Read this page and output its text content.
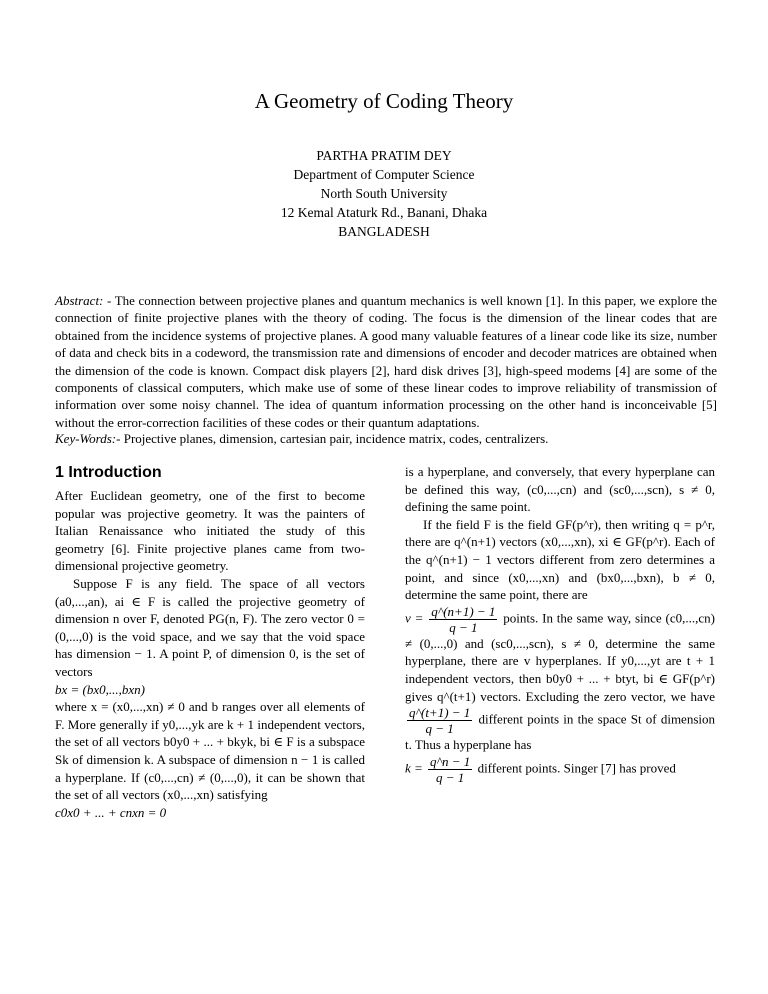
A Geometry of Coding Theory
PARTHA PRATIM DEY
Department of Computer Science
North South University
12 Kemal Ataturk Rd., Banani, Dhaka
BANGLADESH
Abstract: - The connection between projective planes and quantum mechanics is well known [1]. In this paper, we explore the connection of finite projective planes with the theory of coding. The focus is the dimension of the linear codes that are obtained from the incidence systems of projective planes. A good many valuable features of a linear code like its size, number of data and check bits in a codeword, the transmission rate and dimensions of encoder and decoder matrices are obtained when the dimension of the code is known. Compact disk players [2], hard disk drives [3], high-speed modems [4] are some of the components of classical computers, which make use of some of these linear codes to improve reliability of transmission of information over some noisy channel. The idea of quantum information processing on the other hand is inconceivable [5] without the error-correction facilities of these codes or their quantum adaptations.
Key-Words:- Projective planes, dimension, cartesian pair, incidence matrix, codes, centralizers.
1 Introduction

After Euclidean geometry, one of the first to become popular was projective geometry. It was the painters of Italian Renaissance who initiated the study of this geometry [6]. Finite projective planes came from two-dimensional projective geometry.

Suppose F is any field. The space of all vectors (a0,...,an), ai ∈ F is called the projective geometry of dimension n over F, denoted PG(n, F). The zero vector 0 = (0,...,0) is the void space, and we say that the void space has dimension − 1. A point P, of dimension 0, is the set of vectors

bx = (bx0,...,bxn)

where x = (x0,...,xn) ≠ 0 and b ranges over all elements of F. More generally if y0,...,yk are k + 1 independent vectors, the set of all vectors b0y0 + ... + bkyk, bi ∈ F is a subspace Sk of dimension k. A subspace of dimension n − 1 is called a hyperplane. If (c0,...,cn) ≠ (0,...,0), it can be shown that the set of all vectors (x0,...,xn) satisfying

c0x0 + ... + cnxn = 0

is a hyperplane, and conversely, that every hyperplane can be defined this way, (c0,...,cn) and (sc0,...,scn), s ≠ 0, defining the same point.

If the field F is the field GF(p^r), then writing q = p^r, there are q^(n+1) vectors (x0,...,xn), xi ∈ GF(p^r). Each of the q^(n+1) − 1 vectors different from zero determines a point, and since (x0,...,xn) and (bx0,...,bxn), b ≠ 0, determine the same point, there are

$v = \frac{q\^{}(n+1) - 1}{q - 1}$ points. In the same way, since (c0,...,cn) ≠ (0,...,0) and (sc0,...,scn), s ≠ 0, determine the same hyperplane, there are v hyperplanes. If y0,...,yt are t + 1 independent vectors, then b0y0 + ... + btyt, bi ∈ GF(p^r) gives q^(t+1) vectors. Excluding the zero vector, we have
$\frac{q\^{}(t+1) - 1}{q - 1}$ different points in the space St of dimension t. Thus a hyperplane has

$k = \frac{q\^{}n - 1}{q - 1}$ different points. Singer [7] has proved
